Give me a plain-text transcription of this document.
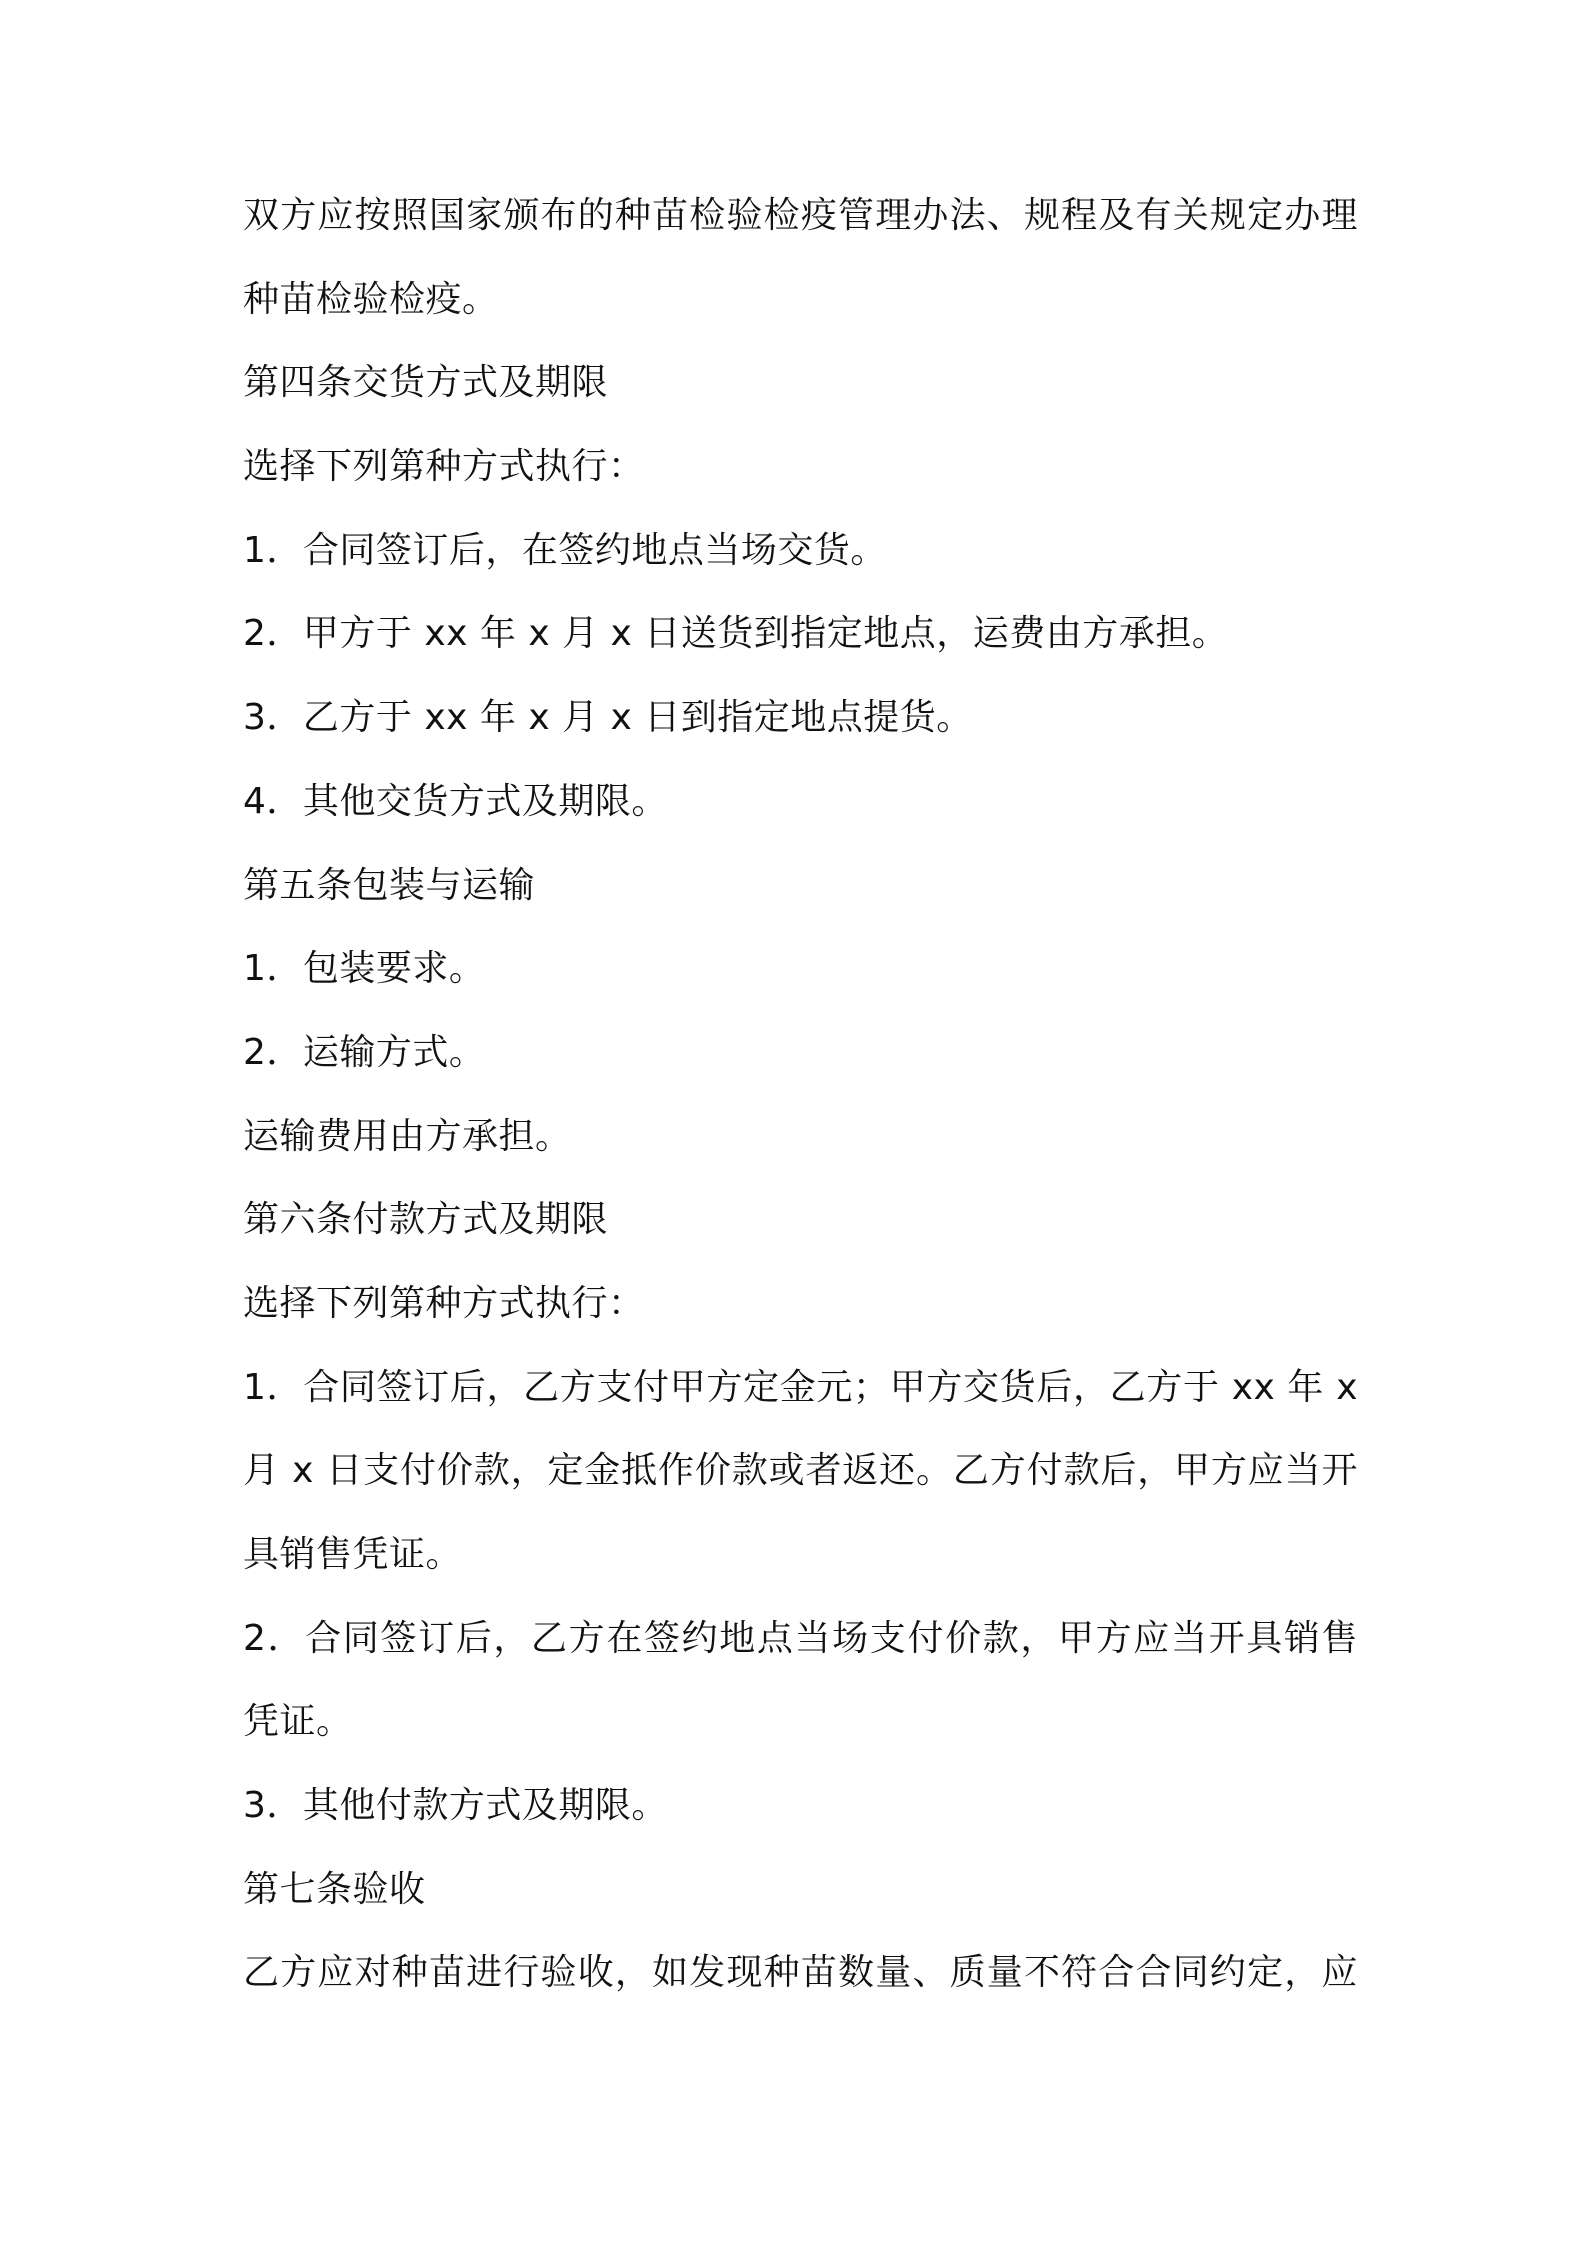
双方应按照国家颁布的种苗检验检疫管理办法、规程及有关规定办理
种苗检验检疫。
第四条交货方式及期限
选择下列第种方式执行：
1．合同签订后，在签约地点当场交货。
2．甲方于 xx 年 x 月 x 日送货到指定地点，运费由方承担。
3．乙方于 xx 年 x 月 x 日到指定地点提货。
4．其他交货方式及期限。
第五条包装与运输
1．包装要求。
2．运输方式。
运输费用由方承担。
第六条付款方式及期限
选择下列第种方式执行：
1．合同签订后，乙方支付甲方定金元；甲方交货后，乙方于 xx 年 x
月 x 日支付价款，定金抵作价款或者返还。乙方付款后，甲方应当开
具销售凭证。
2．合同签订后，乙方在签约地点当场支付价款，甲方应当开具销售
凭证。
3．其他付款方式及期限。
第七条验收
乙方应对种苗进行验收，如发现种苗数量、质量不符合合同约定，应
